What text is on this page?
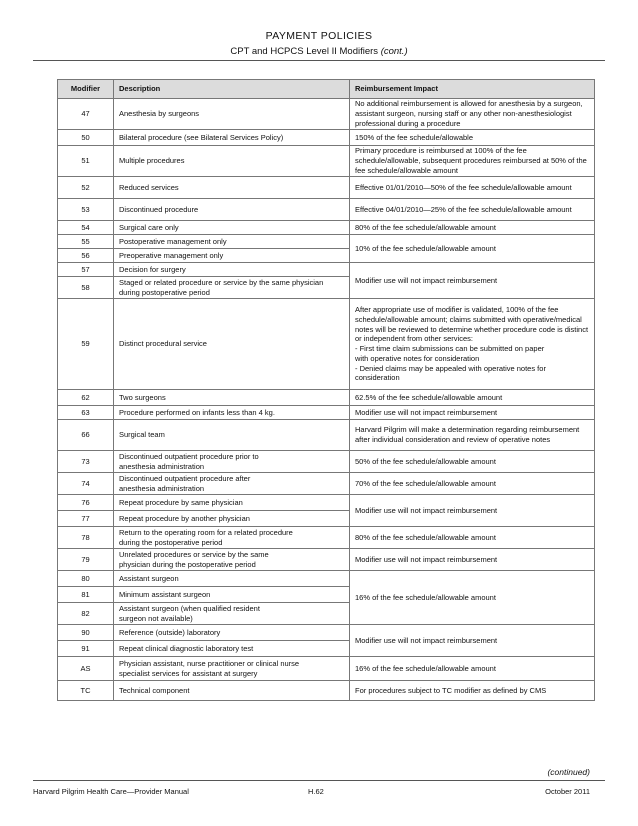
PAYMENT POLICIES
CPT and HCPCS Level II Modifiers (cont.)
Modifier	Description	Reimbursement Impact
47	Anesthesia by surgeons	No additional reimbursement is allowed for anesthesia by a surgeon, assistant surgeon, nursing staff or any other non-anesthesiologist professional during a procedure
50	Bilateral procedure (see Bilateral Services Policy)	150% of the fee schedule/allowable
51	Multiple procedures	Primary procedure is reimbursed at 100% of the fee schedule/allowable, subsequent procedures reimbursed at 50% of the fee schedule/allowable amount
52	Reduced services	Effective 01/01/2010—50% of the fee schedule/allowable amount
53	Discontinued procedure	Effective 04/01/2010—25% of the fee schedule/allowable amount
54	Surgical care only	80% of the fee schedule/allowable amount
55	Postoperative management only	10% of the fee schedule/allowable amount
56	Preoperative management only	
57	Decision for surgery	Modifier use will not impact reimbursement
58	Staged or related procedure or service by the same physician during postoperative period	
59	Distinct procedural service	After appropriate use of modifier is validated, 100% of the fee schedule/allowable amount; claims submitted with operative/medical notes will be reviewed to determine whether procedure code is distinct or independent from other services:
- First time claim submissions can be submitted on paper
with operative notes for consideration
- Denied claims may be appealed with operative notes for
consideration
62	Two surgeons	62.5% of the fee schedule/allowable amount
63	Procedure performed on infants less than 4 kg.	Modifier use will not impact reimbursement
66	Surgical team	Harvard Pilgrim will make a determination regarding reimbursement after individual consideration and review of operative notes
73	Discontinued outpatient procedure prior to
anesthesia administration	50% of the fee schedule/allowable amount
74	Discontinued outpatient procedure after
anesthesia administration	70% of the fee schedule/allowable amount
76	Repeat procedure by same physician	Modifier use will not impact reimbursement
77	Repeat procedure by another physician	
78	Return to the operating room for a related procedure
during the postoperative period	80% of the fee schedule/allowable amount
79	Unrelated procedures or service by the same
physician during the postoperative period	Modifier use will not impact reimbursement
80	Assistant surgeon	16% of the fee schedule/allowable amount
81	Minimum assistant surgeon	
82	Assistant surgeon (when qualified resident
surgeon not available)	
90	Reference (outside) laboratory	Modifier use will not impact reimbursement
91	Repeat clinical diagnostic laboratory test	
AS	Physician assistant, nurse practitioner or clinical nurse
specialist services for assistant at surgery	16% of the fee schedule/allowable amount
TC	Technical component	For procedures subject to TC modifier as defined by CMS
(continued)
Harvard Pilgrim Health Care—Provider Manual	H.62	October 2011
